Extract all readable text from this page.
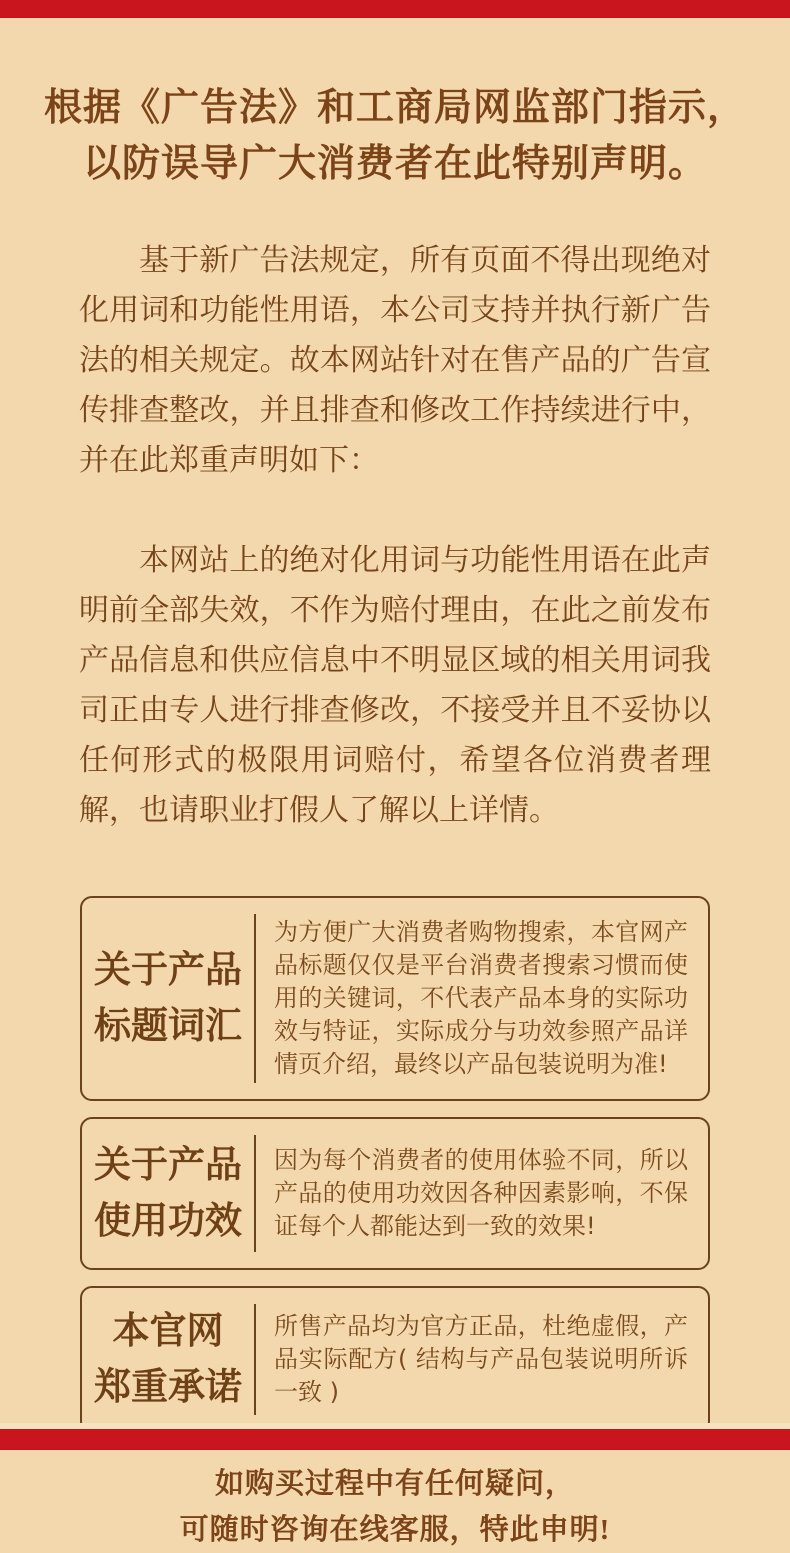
根据《广告法》和工商局网监部门指示，
以防误导广大消费者在此特别声明。
基于新广告法规定，所有页面不得出现绝对化用词和功能性用语，本公司支持并执行新广告法的相关规定。故本网站针对在售产品的广告宣传排查整改，并且排查和修改工作持续进行中，并在此郑重声明如下：
本网站上的绝对化用词与功能性用语在此声明前全部失效，不作为赔付理由，在此之前发布产品信息和供应信息中不明显区域的相关用词我司正由专人进行排查修改，不接受并且不妥协以任何形式的极限用词赔付，希望各位消费者理解，也请职业打假人了解以上详情。
关于产品
标题词汇
为方便广大消费者购物搜索，本官网产品标题仅仅是平台消费者搜索习惯而使用的关键词，不代表产品本身的实际功效与特证，实际成分与功效参照产品详情页介绍，最终以产品包装说明为准!
关于产品
使用功效
因为每个消费者的使用体验不同，所以产品的使用功效因各种因素影响，不保证每个人都能达到一致的效果!
本官网
郑重承诺
所售产品均为官方正品，杜绝虚假，产品实际配方( 结构与产品包装说明所诉一致 )
如购买过程中有任何疑问，
可随时咨询在线客服，特此申明!
